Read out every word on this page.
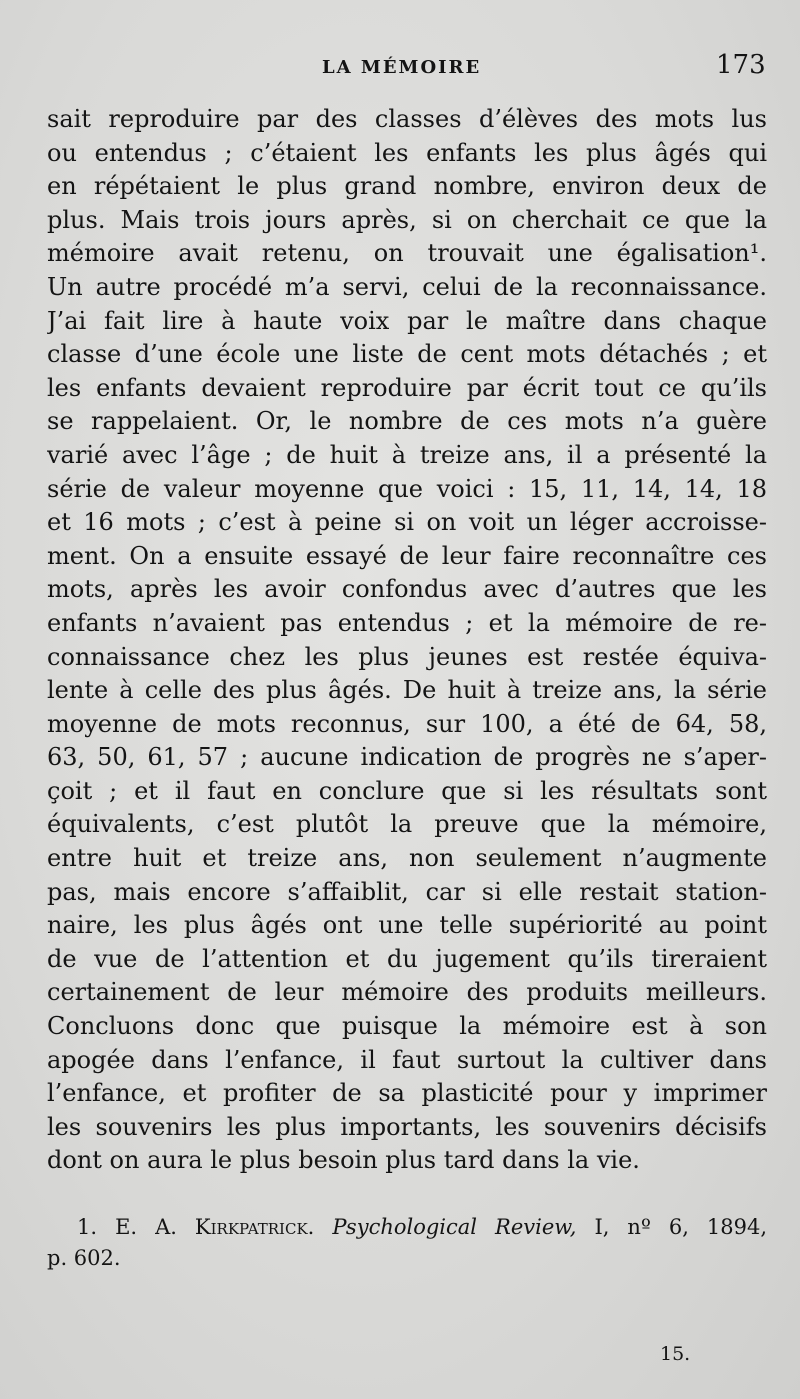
LA MÉMOIRE	173
sait reproduire par des classes d’élèves des mots lus
ou entendus ; c’étaient les enfants les plus âgés qui
en répétaient le plus grand nombre, environ deux de
plus. Mais trois jours après, si on cherchait ce que la
mémoire avait retenu, on trouvait une égalisation¹.
Un autre procédé m’a servi, celui de la reconnaissance.
J’ai fait lire à haute voix par le maître dans chaque
classe d’une école une liste de cent mots détachés ; et
les enfants devaient reproduire par écrit tout ce qu’ils
se rappelaient. Or, le nombre de ces mots n’a guère
varié avec l’âge ; de huit à treize ans, il a présenté la
série de valeur moyenne que voici : 15, 11, 14, 14, 18
et 16 mots ; c’est à peine si on voit un léger accroisse-
ment. On a ensuite essayé de leur faire reconnaître ces
mots, après les avoir confondus avec d’autres que les
enfants n’avaient pas entendus ; et la mémoire de re-
connaissance chez les plus jeunes est restée équiva-
lente à celle des plus âgés. De huit à treize ans, la série
moyenne de mots reconnus, sur 100, a été de 64, 58,
63, 50, 61, 57 ; aucune indication de progrès ne s’aper-
çoit ; et il faut en conclure que si les résultats sont
équivalents, c’est plutôt la preuve que la mémoire,
entre huit et treize ans, non seulement n’augmente
pas, mais encore s’affaiblit, car si elle restait station-
naire, les plus âgés ont une telle supériorité au point
de vue de l’attention et du jugement qu’ils tireraient
certainement de leur mémoire des produits meilleurs.
Concluons donc que puisque la mémoire est à son
apogée dans l’enfance, il faut surtout la cultiver dans
l’enfance, et profiter de sa plasticité pour y imprimer
les souvenirs les plus importants, les souvenirs décisifs
dont on aura le plus besoin plus tard dans la vie.
1. E. A. Kirkpatrick. Psychological Review, I, nº 6, 1894,
p. 602.
15.
